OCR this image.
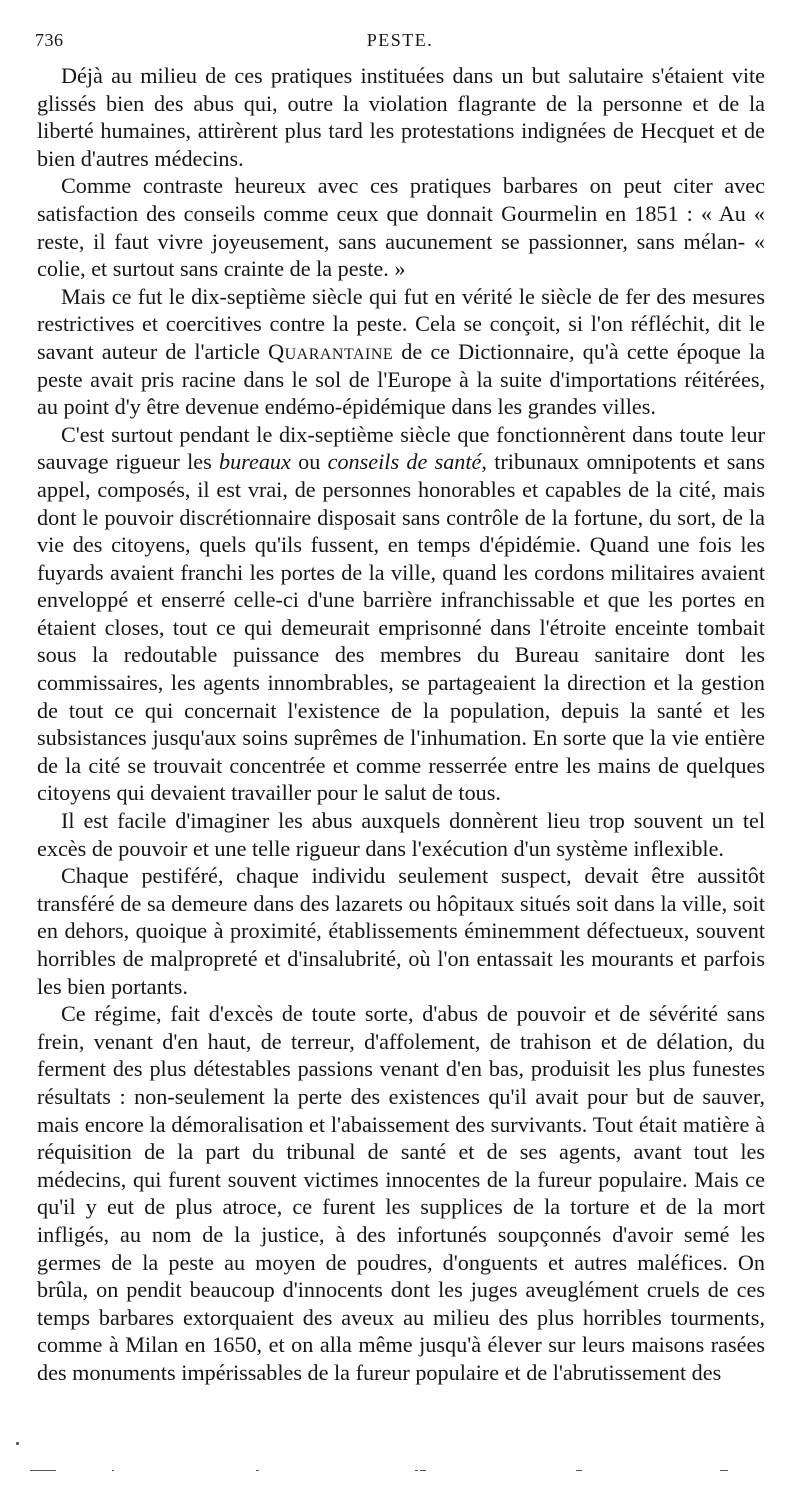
736	PESTE.

Déjà au milieu de ces pratiques instituées dans un but salutaire s'étaient vite glissés bien des abus qui, outre la violation flagrante de la personne et de la liberté humaines, attirèrent plus tard les protestations indignées de Hecquet et de bien d'autres médecins.

Comme contraste heureux avec ces pratiques barbares on peut citer avec satisfaction des conseils comme ceux que donnait Gourmelin en 1851 : « Au « reste, il faut vivre joyeusement, sans aucunement se passionner, sans mélan- « colie, et surtout sans crainte de la peste. »

Mais ce fut le dix-septième siècle qui fut en vérité le siècle de fer des mesures restrictives et coercitives contre la peste. Cela se conçoit, si l'on réfléchit, dit le savant auteur de l'article Quarantaine de ce Dictionnaire, qu'à cette époque la peste avait pris racine dans le sol de l'Europe à la suite d'importations réitérées, au point d'y être devenue endémo-épidémique dans les grandes villes.

C'est surtout pendant le dix-septième siècle que fonctionnèrent dans toute leur sauvage rigueur les bureaux ou conseils de santé, tribunaux omnipotents et sans appel, composés, il est vrai, de personnes honorables et capables de la cité, mais dont le pouvoir discrétionnaire disposait sans contrôle de la fortune, du sort, de la vie des citoyens, quels qu'ils fussent, en temps d'épidémie. Quand une fois les fuyards avaient franchi les portes de la ville, quand les cordons militaires avaient enveloppé et enserré celle-ci d'une barrière infranchissable et que les portes en étaient closes, tout ce qui demeurait emprisonné dans l'étroite enceinte tombait sous la redoutable puissance des membres du Bureau sanitaire dont les commissaires, les agents innombrables, se partageaient la direction et la gestion de tout ce qui concernait l'existence de la population, depuis la santé et les subsistances jusqu'aux soins suprêmes de l'inhumation. En sorte que la vie entière de la cité se trouvait concentrée et comme resserrée entre les mains de quelques citoyens qui devaient travailler pour le salut de tous.

Il est facile d'imaginer les abus auxquels donnèrent lieu trop souvent un tel excès de pouvoir et une telle rigueur dans l'exécution d'un système inflexible.

Chaque pestiféré, chaque individu seulement suspect, devait être aussitôt transféré de sa demeure dans des lazarets ou hôpitaux situés soit dans la ville, soit en dehors, quoique à proximité, établissements éminemment défectueux, souvent horribles de malpropreté et d'insalubrité, où l'on entassait les mourants et parfois les bien portants.

Ce régime, fait d'excès de toute sorte, d'abus de pouvoir et de sévérité sans frein, venant d'en haut, de terreur, d'affolement, de trahison et de délation, du ferment des plus détestables passions venant d'en bas, produisit les plus funestes résultats : non-seulement la perte des existences qu'il avait pour but de sauver, mais encore la démoralisation et l'abaissement des survivants. Tout était matière à réquisition de la part du tribunal de santé et de ses agents, avant tout les médecins, qui furent souvent victimes innocentes de la fureur populaire. Mais ce qu'il y eut de plus atroce, ce furent les supplices de la torture et de la mort infligés, au nom de la justice, à des infortunés soupçonnés d'avoir semé les germes de la peste au moyen de poudres, d'onguents et autres maléfices. On brûla, on pendit beaucoup d'innocents dont les juges aveuglément cruels de ces temps barbares extorquaient des aveux au milieu des plus horribles tourments, comme à Milan en 1650, et on alla même jusqu'à élever sur leurs maisons rasées des monuments impérissables de la fureur populaire et de l'abrutissement des
